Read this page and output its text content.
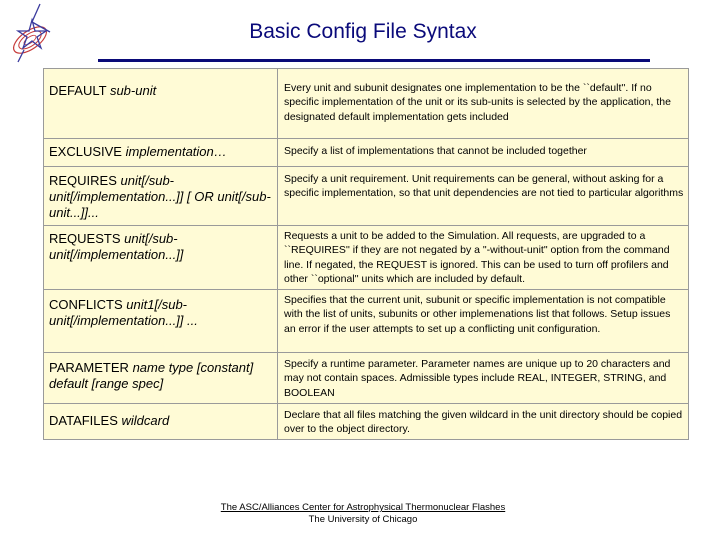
Basic Config File Syntax
DEFAULT sub-unit	Every unit and subunit designates one implementation to be the ``default''. If no specific implementation of the unit or its sub-units is selected by the application, the designated default implementation gets included

EXCLUSIVE implementation…	Specify a list of implementations that cannot be included together

REQUIRES unit[/sub-unit[/implementation...]] [ OR unit[/sub-unit...]]...	Specify a unit requirement. Unit requirements can be general, without asking for a specific implementation, so that unit dependencies are not tied to particular algorithms

REQUESTS unit[/sub-unit[/implementation...]]	Requests a unit to be added to the Simulation. All requests, are upgraded to a ``REQUIRES'' if they are not negated by a "-without-unit" option from the command line. If negated, the REQUEST is ignored. This can be used to turn off profilers and other ``optional'' units which are included by default.

CONFLICTS unit1[/sub-unit[/implementation...]] ...	Specifies that the current unit, subunit or specific implementation is not compatible with the list of units, subunits or other implemenations list that follows. Setup issues an error if the user attempts to set up a conflicting unit configuration.

PARAMETER name type [constant] default [range spec]	Specify a runtime parameter. Parameter names are unique up to 20 characters and may not contain spaces. Admissible types include REAL, INTEGER, STRING, and BOOLEAN

DATAFILES wildcard	Declare that all files matching the given wildcard in the unit directory should be copied over to the object directory.
The ASC/Alliances Center for Astrophysical Thermonuclear Flashes
The University of Chicago
